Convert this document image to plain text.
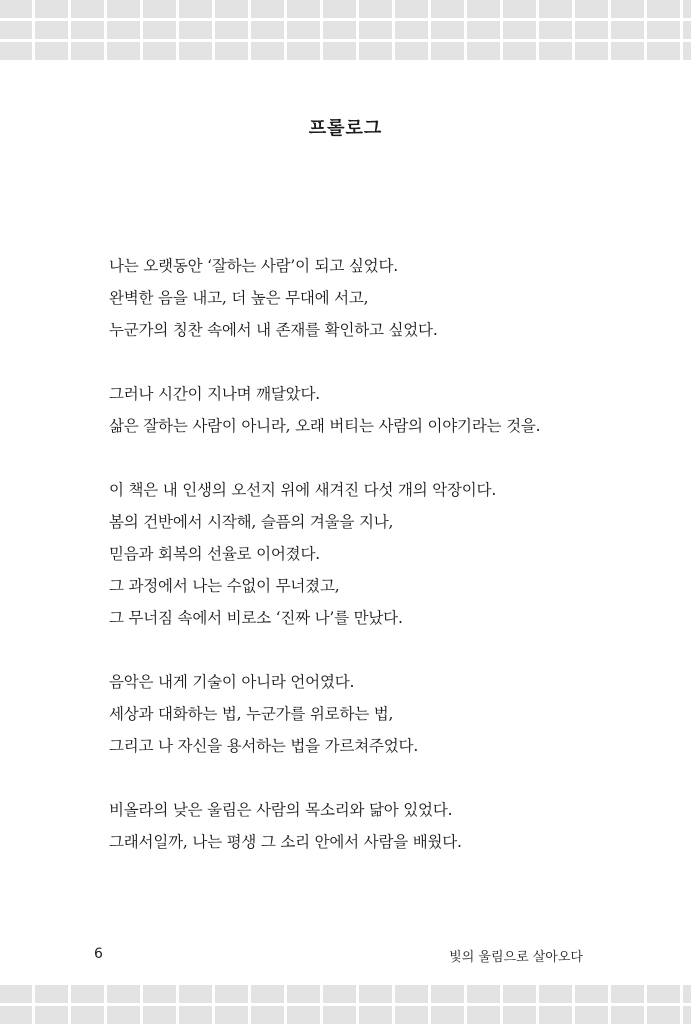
프롤로그
나는 오랫동안 ‘잘하는 사람’이 되고 싶었다.
완벽한 음을 내고, 더 높은 무대에 서고,
누군가의 칭찬 속에서 내 존재를 확인하고 싶었다.
그러나 시간이 지나며 깨달았다.
삶은 잘하는 사람이 아니라, 오래 버티는 사람의 이야기라는 것을.
이 책은 내 인생의 오선지 위에 새겨진 다섯 개의 악장이다.
봄의 건반에서 시작해, 슬픔의 겨울을 지나,
믿음과 회복의 선율로 이어졌다.
그 과정에서 나는 수없이 무너졌고,
그 무너짐 속에서 비로소 ‘진짜 나’를 만났다.
음악은 내게 기술이 아니라 언어였다.
세상과 대화하는 법, 누군가를 위로하는 법,
그리고 나 자신을 용서하는 법을 가르쳐주었다.
비올라의 낮은 울림은 사람의 목소리와 닮아 있었다.
그래서일까, 나는 평생 그 소리 안에서 사람을 배웠다.
6	빛의 울림으로 살아오다
